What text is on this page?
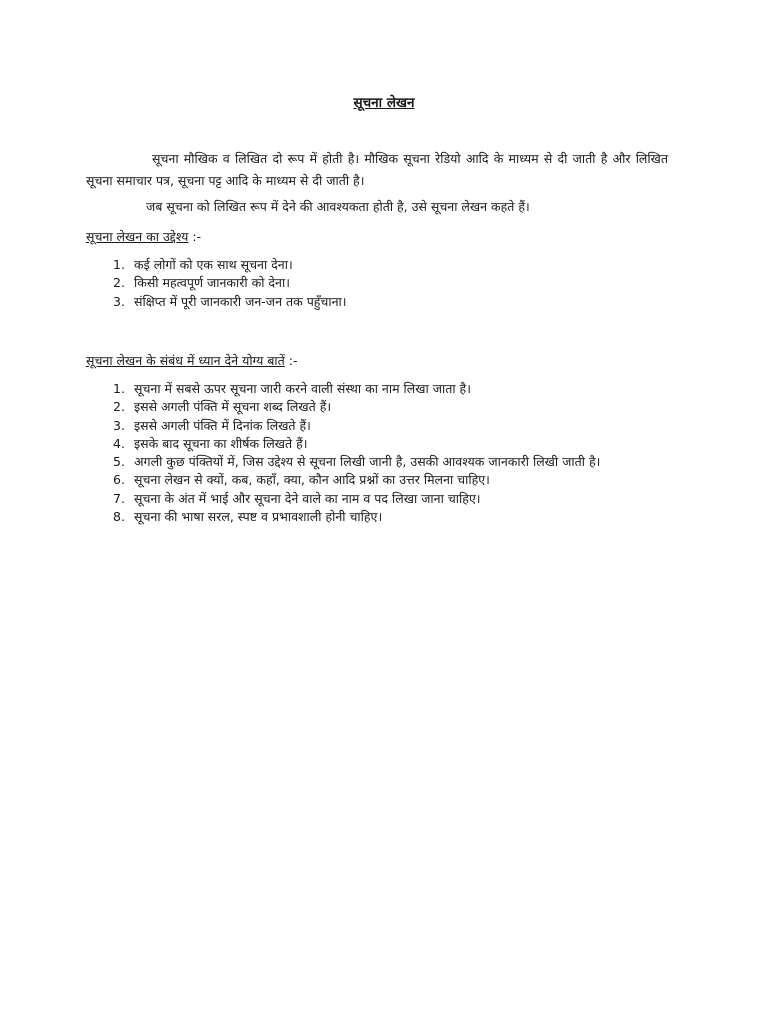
सूचना लेखन

सूचना मौखिक व लिखित दो रूप में होती है। मौखिक सूचना रेडियो आदि के माध्यम से दी जाती है और लिखित सूचना समाचार पत्र, सूचना पट्ट आदि के माध्यम से दी जाती है।

जब सूचना को लिखित रूप में देने की आवश्यकता होती है, उसे सूचना लेखन कहते हैं।

सूचना लेखन का उद्देश्य :-

1. कई लोगों को एक साथ सूचना देना।
2. किसी महत्वपूर्ण जानकारी को देना।
3. संक्षिप्त में पूरी जानकारी जन-जन तक पहुँचाना।

सूचना लेखन के संबंध में ध्यान देने योग्य बातें :-

1. सूचना में सबसे ऊपर सूचना जारी करने वाली संस्था का नाम लिखा जाता है।
2. इससे अगली पंक्ति में सूचना शब्द लिखते हैं।
3. इससे अगली पंक्ति में दिनांक लिखते हैं।
4. इसके बाद सूचना का शीर्षक लिखते हैं।
5. अगली कुछ पंक्तियों में, जिस उद्देश्य से सूचना लिखी जानी है, उसकी आवश्यक जानकारी लिखी जाती है।
6. सूचना लेखन से क्यों, कब, कहाँ, क्या, कौन आदि प्रश्नों का उत्तर मिलना चाहिए।
7. सूचना के अंत में भाई और सूचना देने वाले का नाम व पद लिखा जाना चाहिए।
8. सूचना की भाषा सरल, स्पष्ट व प्रभावशाली होनी चाहिए।
